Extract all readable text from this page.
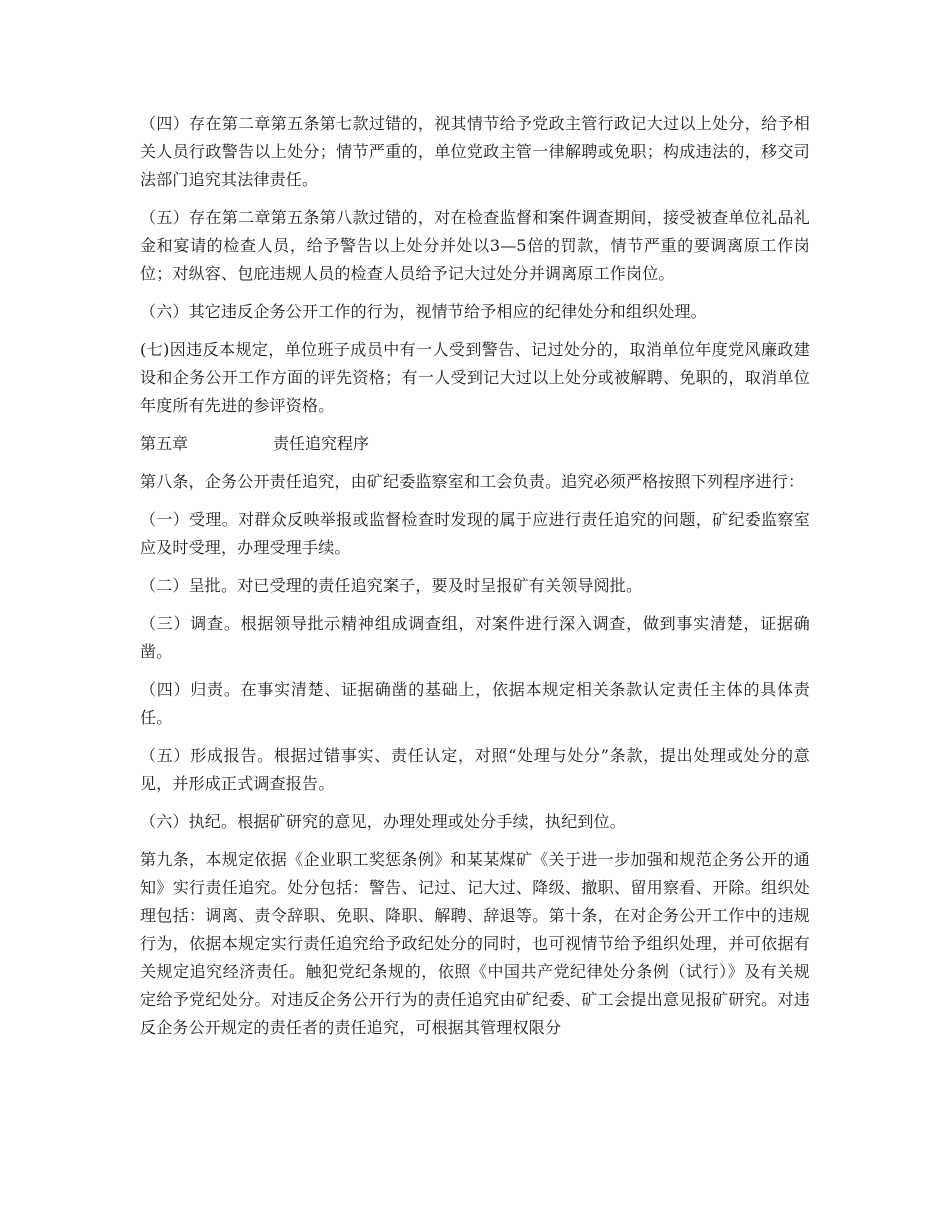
（四）存在第二章第五条第七款过错的，视其情节给予党政主管行政记大过以上处分，给予相关人员行政警告以上处分；情节严重的，单位党政主管一律解聘或免职；构成违法的，移交司法部门追究其法律责任。

（五）存在第二章第五条第八款过错的，对在检查监督和案件调查期间，接受被查单位礼品礼金和宴请的检查人员，给予警告以上处分并处以3—5倍的罚款，情节严重的要调离原工作岗位；对纵容、包庇违规人员的检查人员给予记大过处分并调离原工作岗位。

（六）其它违反企务公开工作的行为，视情节给予相应的纪律处分和组织处理。

(七)因违反本规定，单位班子成员中有一人受到警告、记过处分的，取消单位年度党风廉政建设和企务公开工作方面的评先资格；有一人受到记大过以上处分或被解聘、免职的，取消单位年度所有先进的参评资格。

第五章	责任追究程序

第八条，企务公开责任追究，由矿纪委监察室和工会负责。追究必须严格按照下列程序进行：

（一）受理。对群众反映举报或监督检查时发现的属于应进行责任追究的问题，矿纪委监察室应及时受理，办理受理手续。

（二）呈批。对已受理的责任追究案子，要及时呈报矿有关领导阅批。

（三）调查。根据领导批示精神组成调查组，对案件进行深入调查，做到事实清楚，证据确凿。

（四）归责。在事实清楚、证据确凿的基础上，依据本规定相关条款认定责任主体的具体责任。

（五）形成报告。根据过错事实、责任认定，对照“处理与处分”条款，提出处理或处分的意见，并形成正式调查报告。

（六）执纪。根据矿研究的意见，办理处理或处分手续，执纪到位。

第九条，本规定依据《企业职工奖惩条例》和某某煤矿《关于进一步加强和规范企务公开的通知》实行责任追究。处分包括：警告、记过、记大过、降级、撤职、留用察看、开除。组织处理包括：调离、责令辞职、免职、降职、解聘、辞退等。第十条，在对企务公开工作中的违规行为，依据本规定实行责任追究给予政纪处分的同时，也可视情节给予组织处理，并可依据有关规定追究经济责任。触犯党纪条规的，依照《中国共产党纪律处分条例（试行）》及有关规定给予党纪处分。对违反企务公开行为的责任追究由矿纪委、矿工会提出意见报矿研究。对违反企务公开规定的责任者的责任追究，可根据其管理权限分
